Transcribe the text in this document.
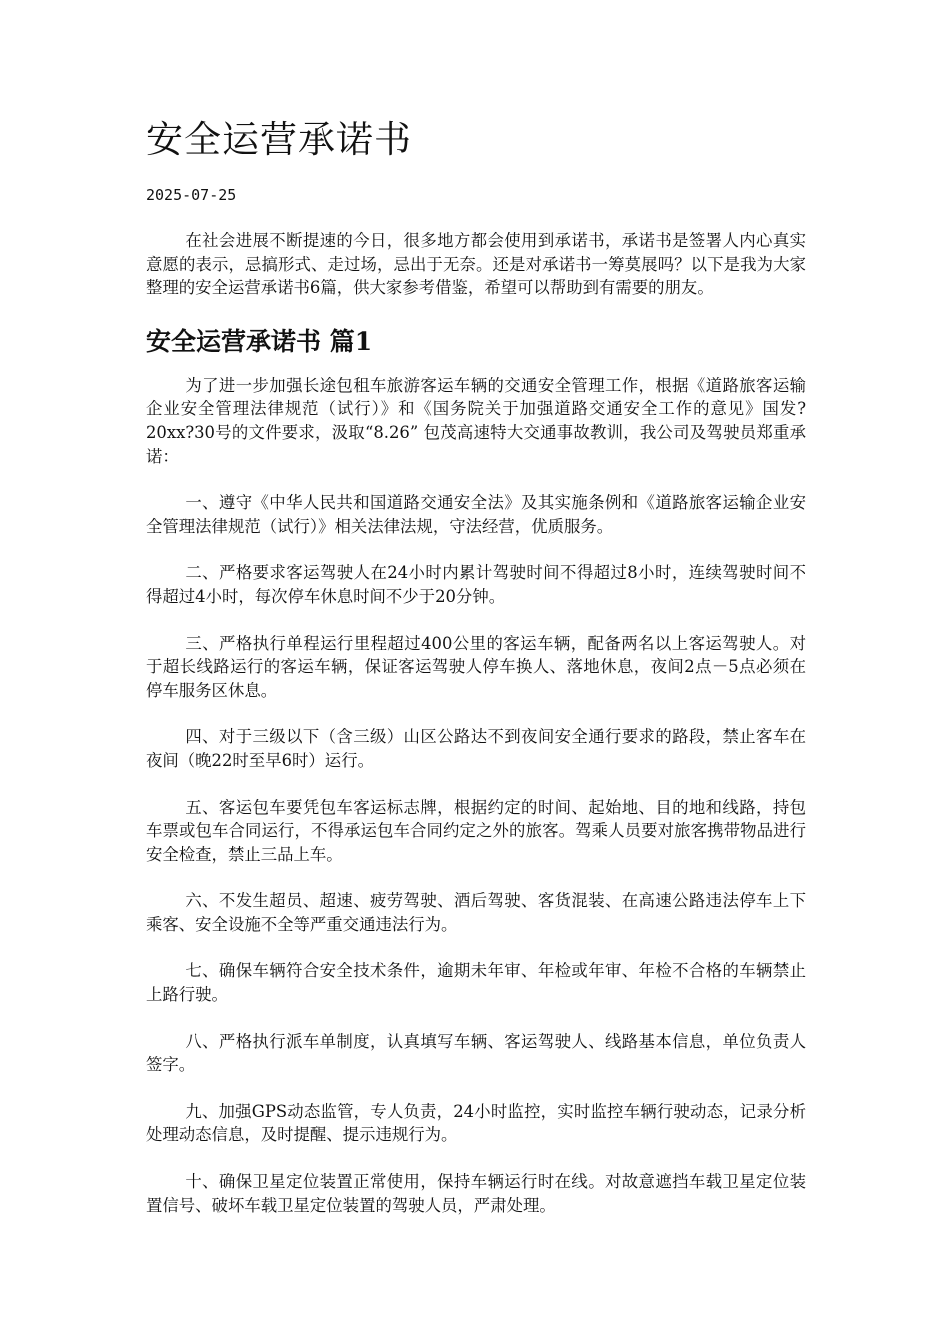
安全运营承诺书
2025-07-25

在社会进展不断提速的今日，很多地方都会使用到承诺书，承诺书是签署人内心真实意愿的表示，忌搞形式、走过场，忌出于无奈。还是对承诺书一筹莫展吗？以下是我为大家整理的安全运营承诺书6篇，供大家参考借鉴，希望可以帮助到有需要的朋友。

安全运营承诺书 篇1

为了进一步加强长途包租车旅游客运车辆的交通安全管理工作，根据《道路旅客运输企业安全管理法律规范（试行）》和《国务院关于加强道路交通安全工作的意见》国发?20xx?30号的文件要求，汲取“8.26” 包茂高速特大交通事故教训，我公司及驾驶员郑重承诺：

一、遵守《中华人民共和国道路交通安全法》及其实施条例和《道路旅客运输企业安全管理法律规范（试行）》相关法律法规，守法经营，优质服务。

二、严格要求客运驾驶人在24小时内累计驾驶时间不得超过8小时，连续驾驶时间不得超过4小时，每次停车休息时间不少于20分钟。

三、严格执行单程运行里程超过400公里的客运车辆，配备两名以上客运驾驶人。对于超长线路运行的客运车辆，保证客运驾驶人停车换人、落地休息，夜间2点－5点必须在停车服务区休息。

四、对于三级以下（含三级）山区公路达不到夜间安全通行要求的路段，禁止客车在夜间（晚22时至早6时）运行。

五、客运包车要凭包车客运标志牌，根据约定的时间、起始地、目的地和线路，持包车票或包车合同运行，不得承运包车合同约定之外的旅客。驾乘人员要对旅客携带物品进行安全检查，禁止三品上车。

六、不发生超员、超速、疲劳驾驶、酒后驾驶、客货混装、在高速公路违法停车上下乘客、安全设施不全等严重交通违法行为。

七、确保车辆符合安全技术条件，逾期未年审、年检或年审、年检不合格的车辆禁止上路行驶。

八、严格执行派车单制度，认真填写车辆、客运驾驶人、线路基本信息，单位负责人签字。

九、加强GPS动态监管，专人负责，24小时监控，实时监控车辆行驶动态，记录分析处理动态信息，及时提醒、提示违规行为。

十、确保卫星定位装置正常使用，保持车辆运行时在线。对故意遮挡车载卫星定位装置信号、破坏车载卫星定位装置的驾驶人员，严肃处理。
